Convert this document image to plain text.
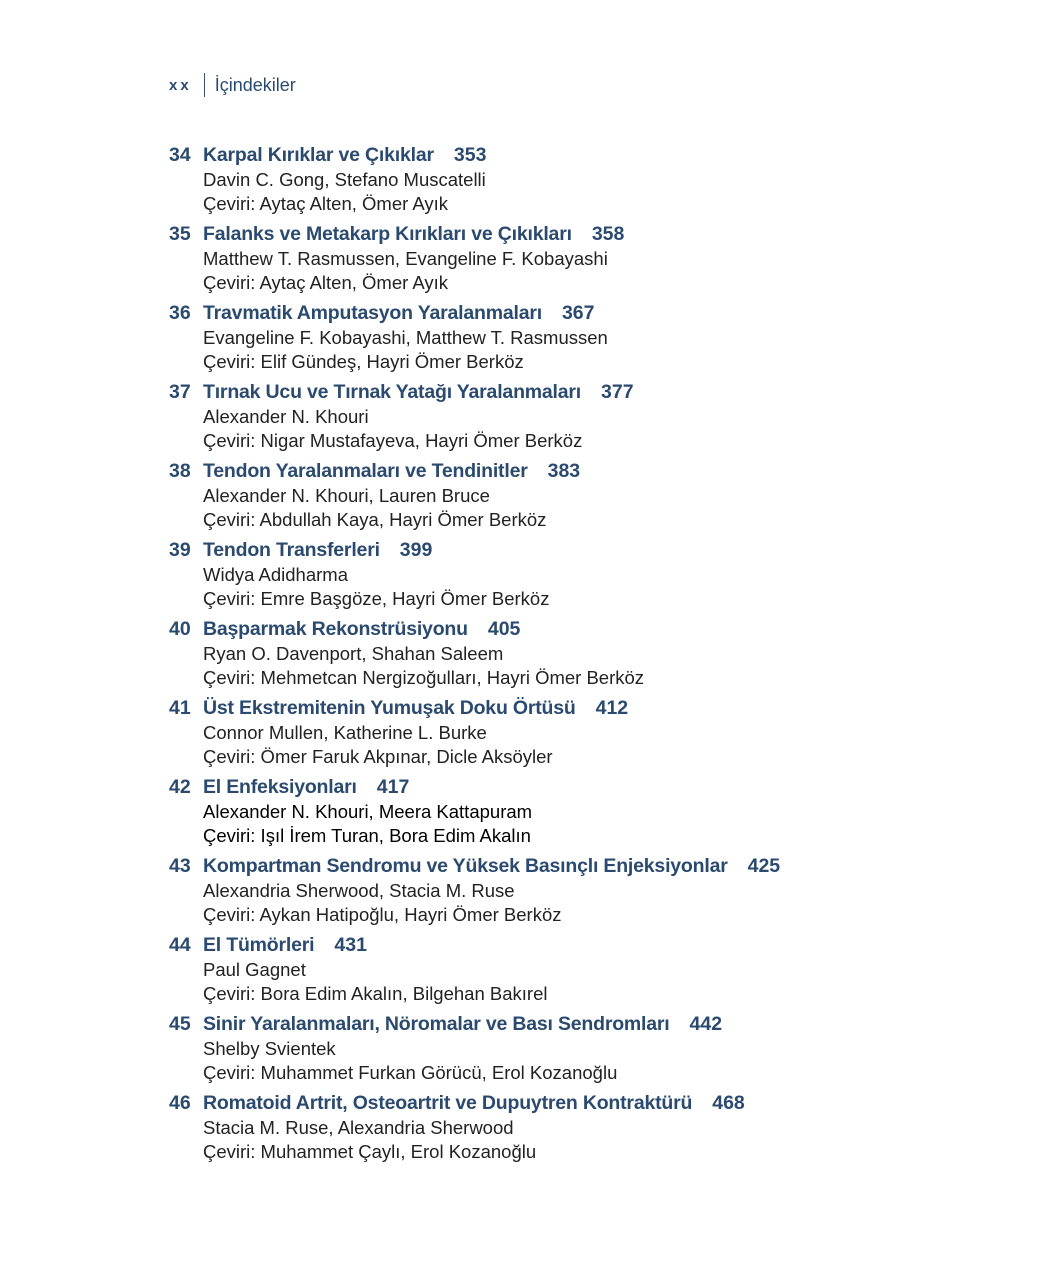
xx İçindekiler
34 Karpal Kırıklar ve Çıkıklar 353
Davin C. Gong, Stefano Muscatelli
Çeviri: Aytaç Alten, Ömer Ayık
35 Falanks ve Metakarp Kırıkları ve Çıkıkları 358
Matthew T. Rasmussen, Evangeline F. Kobayashi
Çeviri: Aytaç Alten, Ömer Ayık
36 Travmatik Amputasyon Yaralanmaları 367
Evangeline F. Kobayashi, Matthew T. Rasmussen
Çeviri: Elif Gündeş, Hayri Ömer Berköz
37 Tırnak Ucu ve Tırnak Yatağı Yaralanmaları 377
Alexander N. Khouri
Çeviri: Nigar Mustafayeva, Hayri Ömer Berköz
38 Tendon Yaralanmaları ve Tendinitler 383
Alexander N. Khouri, Lauren Bruce
Çeviri: Abdullah Kaya, Hayri Ömer Berköz
39 Tendon Transferleri 399
Widya Adidharma
Çeviri: Emre Başgöze, Hayri Ömer Berköz
40 Başparmak Rekonstrüsiyonu 405
Ryan O. Davenport, Shahan Saleem
Çeviri: Mehmetcan Nergizoğulları, Hayri Ömer Berköz
41 Üst Ekstremitenin Yumuşak Doku Örtüsü 412
Connor Mullen, Katherine L. Burke
Çeviri: Ömer Faruk Akpınar, Dicle Aksöyler
42 El Enfeksiyonları 417
Alexander N. Khouri, Meera Kattapuram
Çeviri: Işıl İrem Turan, Bora Edim Akalın
43 Kompartman Sendromu ve Yüksek Basınçlı Enjeksiyonlar 425
Alexandria Sherwood, Stacia M. Ruse
Çeviri: Aykan Hatipoğlu, Hayri Ömer Berköz
44 El Tümörleri 431
Paul Gagnet
Çeviri: Bora Edim Akalın, Bilgehan Bakırel
45 Sinir Yaralanmaları, Nöromalar ve Bası Sendromları 442
Shelby Svientek
Çeviri: Muhammet Furkan Görücü, Erol Kozanoğlu
46 Romatoid Artrit, Osteoartrit ve Dupuytren Kontraktürü 468
Stacia M. Ruse, Alexandria Sherwood
Çeviri: Muhammet Çaylı, Erol Kozanoğlu
